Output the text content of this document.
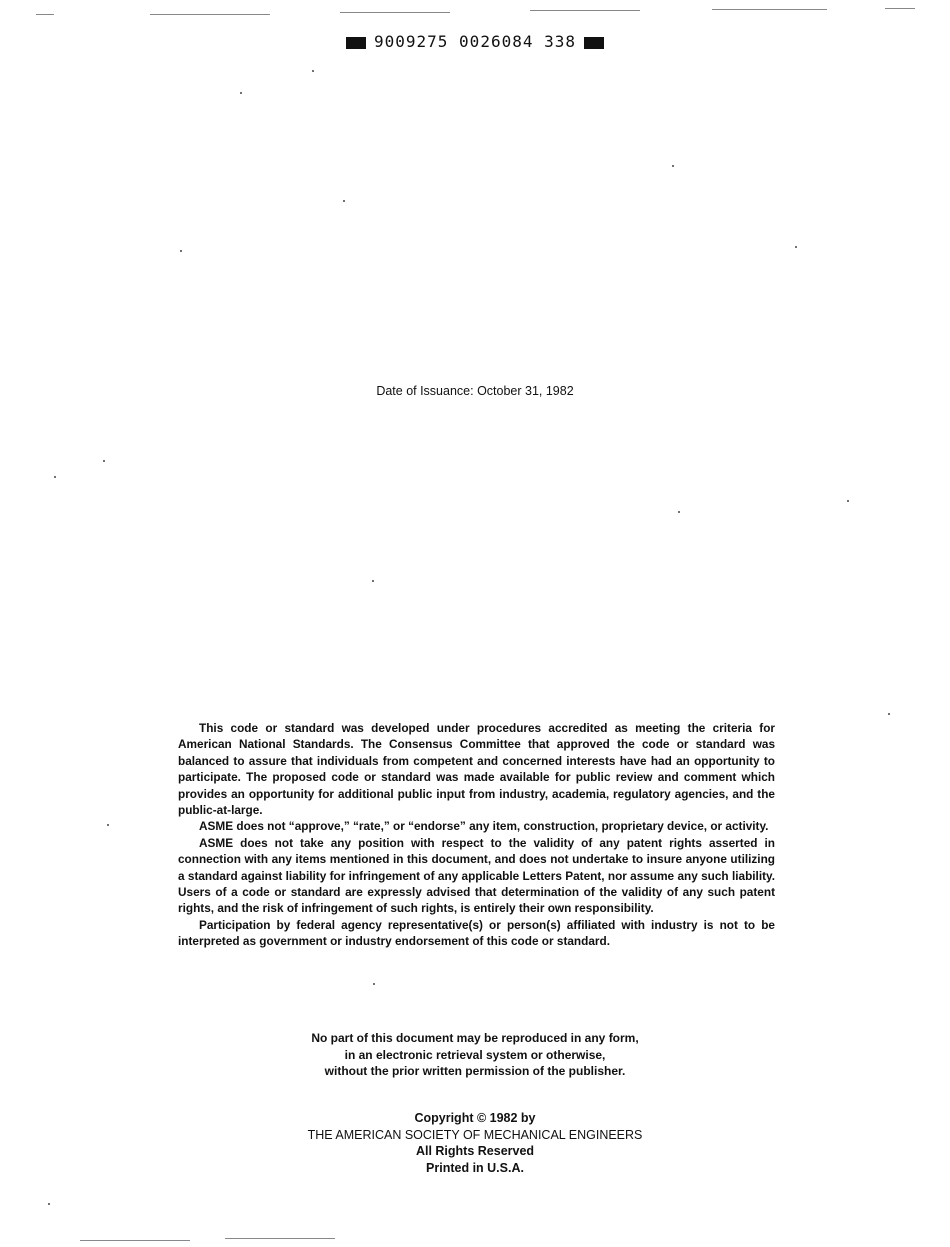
9009275 0026084 338
Date of Issuance: October 31, 1982

This code or standard was developed under procedures accredited as meeting the criteria for American National Standards. The Consensus Committee that approved the code or standard was balanced to assure that individuals from competent and concerned interests have had an opportunity to participate. The proposed code or standard was made available for public review and comment which provides an opportunity for additional public input from industry, academia, regulatory agencies, and the public-at-large.

ASME does not “approve,” “rate,” or “endorse” any item, construction, proprietary device, or activity.

ASME does not take any position with respect to the validity of any patent rights asserted in connection with any items mentioned in this document, and does not undertake to insure anyone utilizing a standard against liability for infringement of any applicable Letters Patent, nor assume any such liability. Users of a code or standard are expressly advised that determination of the validity of any such patent rights, and the risk of infringement of such rights, is entirely their own responsibility.

Participation by federal agency representative(s) or person(s) affiliated with industry is not to be interpreted as government or industry endorsement of this code or standard.

No part of this document may be reproduced in any form,
in an electronic retrieval system or otherwise,
without the prior written permission of the publisher.
Copyright © 1982 by
THE AMERICAN SOCIETY OF MECHANICAL ENGINEERS
All Rights Reserved
Printed in U.S.A.
